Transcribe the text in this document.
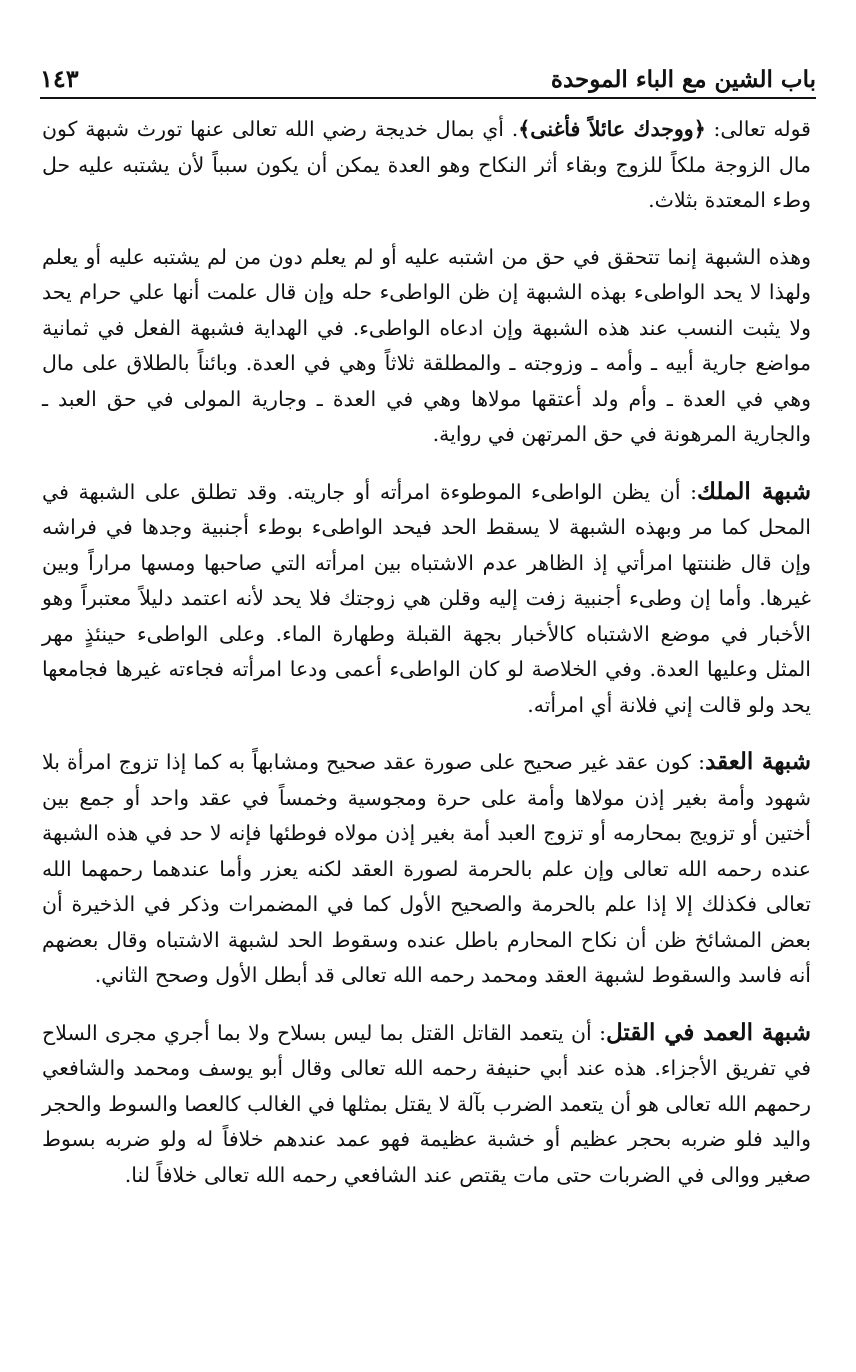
باب الشين مع الباء الموحدة
١٤٣

قوله تعالى: ﴿ووجدك عائلاً فأغنى﴾. أي بمال خديجة رضي الله تعالى عنها تورث شبهة كون مال الزوجة ملكاً للزوج وبقاء أثر النكاح وهو العدة يمكن أن يكون سبباً لأن يشتبه عليه حل وطء المعتدة بثلاث.

وهذه الشبهة إنما تتحقق في حق من اشتبه عليه أو لم يعلم دون من لم يشتبه عليه أو يعلم ولهذا لا يحد الواطىء بهذه الشبهة إن ظن الواطىء حله وإن قال علمت أنها علي حرام يحد ولا يثبت النسب عند هذه الشبهة وإن ادعاه الواطىء. في الهداية فشبهة الفعل في ثمانية مواضع جارية أبيه ـ وأمه ـ وزوجته ـ والمطلقة ثلاثاً وهي في العدة. وبائناً بالطلاق على مال وهي في العدة ـ وأم ولد أعتقها مولاها وهي في العدة ـ وجارية المولى في حق العبد ـ والجارية المرهونة في حق المرتهن في رواية.

شبهة الملك: أن يظن الواطىء الموطوءة امرأته أو جاريته. وقد تطلق على الشبهة في المحل كما مر وبهذه الشبهة لا يسقط الحد فيحد الواطىء بوطء أجنبية وجدها في فراشه وإن قال ظننتها امرأتي إذ الظاهر عدم الاشتباه بين امرأته التي صاحبها ومسها مراراً وبين غيرها. وأما إن وطىء أجنبية زفت إليه وقلن هي زوجتك فلا يحد لأنه اعتمد دليلاً معتبراً وهو الأخبار في موضع الاشتباه كالأخبار بجهة القبلة وطهارة الماء. وعلى الواطىء حينئذٍ مهر المثل وعليها العدة. وفي الخلاصة لو كان الواطىء أعمى ودعا امرأته فجاءته غيرها فجامعها يحد ولو قالت إني فلانة أي امرأته.

شبهة العقد: كون عقد غير صحيح على صورة عقد صحيح ومشابهاً به كما إذا تزوج امرأة بلا شهود وأمة بغير إذن مولاها وأمة على حرة ومجوسية وخمساً في عقد واحد أو جمع بين أختين أو تزويج بمحارمه أو تزوج العبد أمة بغير إذن مولاه فوطئها فإنه لا حد في هذه الشبهة عنده رحمه الله تعالى وإن علم بالحرمة لصورة العقد لكنه يعزر وأما عندهما رحمهما الله تعالى فكذلك إلا إذا علم بالحرمة والصحيح الأول كما في المضمرات وذكر في الذخيرة أن بعض المشائخ ظن أن نكاح المحارم باطل عنده وسقوط الحد لشبهة الاشتباه وقال بعضهم أنه فاسد والسقوط لشبهة العقد ومحمد رحمه الله تعالى قد أبطل الأول وصحح الثاني.

شبهة العمد في القتل: أن يتعمد القاتل القتل بما ليس بسلاح ولا بما أجري مجرى السلاح في تفريق الأجزاء. هذه عند أبي حنيفة رحمه الله تعالى وقال أبو يوسف ومحمد والشافعي رحمهم الله تعالى هو أن يتعمد الضرب بآلة لا يقتل بمثلها في الغالب كالعصا والسوط والحجر واليد فلو ضربه بحجر عظيم أو خشبة عظيمة فهو عمد عندهم خلافاً له ولو ضربه بسوط صغير ووالى في الضربات حتى مات يقتص عند الشافعي رحمه الله تعالى خلافاً لنا.
